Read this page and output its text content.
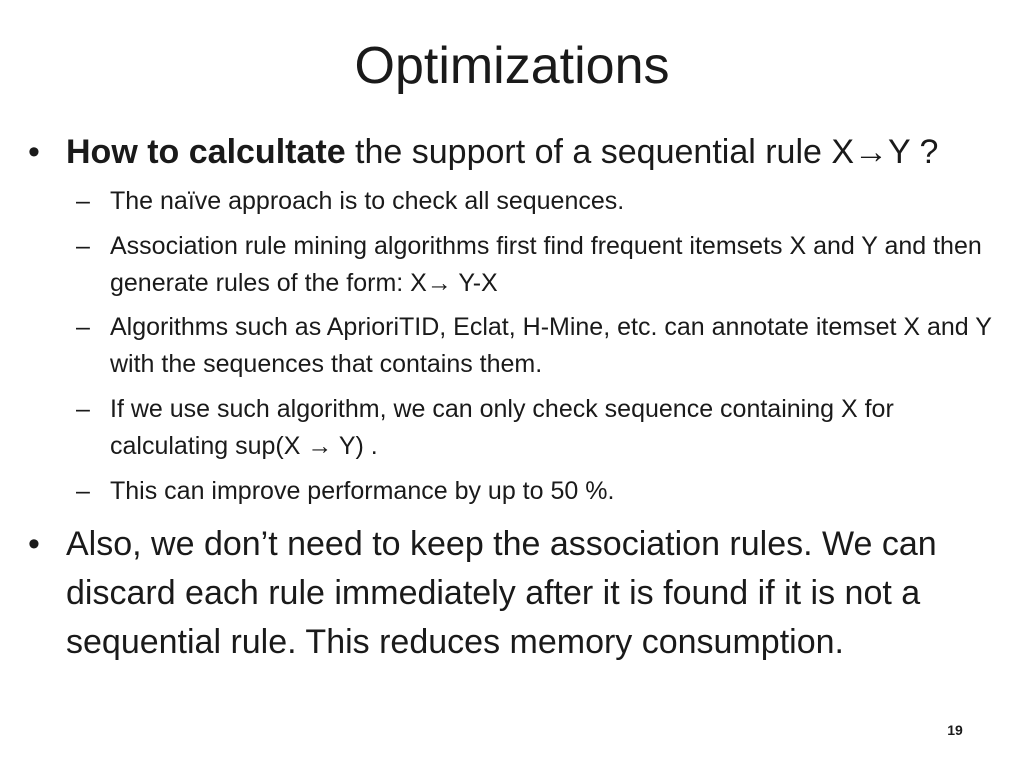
Optimizations
• How to calcultate the support of a sequential rule X→Y ?
– The naïve approach is to check all sequences.
– Association rule mining algorithms first find frequent itemsets X and Y and then generate rules of the form: X→ Y-X
– Algorithms such as AprioriTID, Eclat, H-Mine, etc. can annotate itemset X and Y with the sequences that contains them.
– If we use such algorithm, we can only check sequence containing X for calculating sup(X → Y) .
– This can improve performance by up to 50 %.
• Also, we don’t need to keep the association rules. We can discard each rule immediately after it is found if it is not a sequential rule. This reduces memory consumption.
19
